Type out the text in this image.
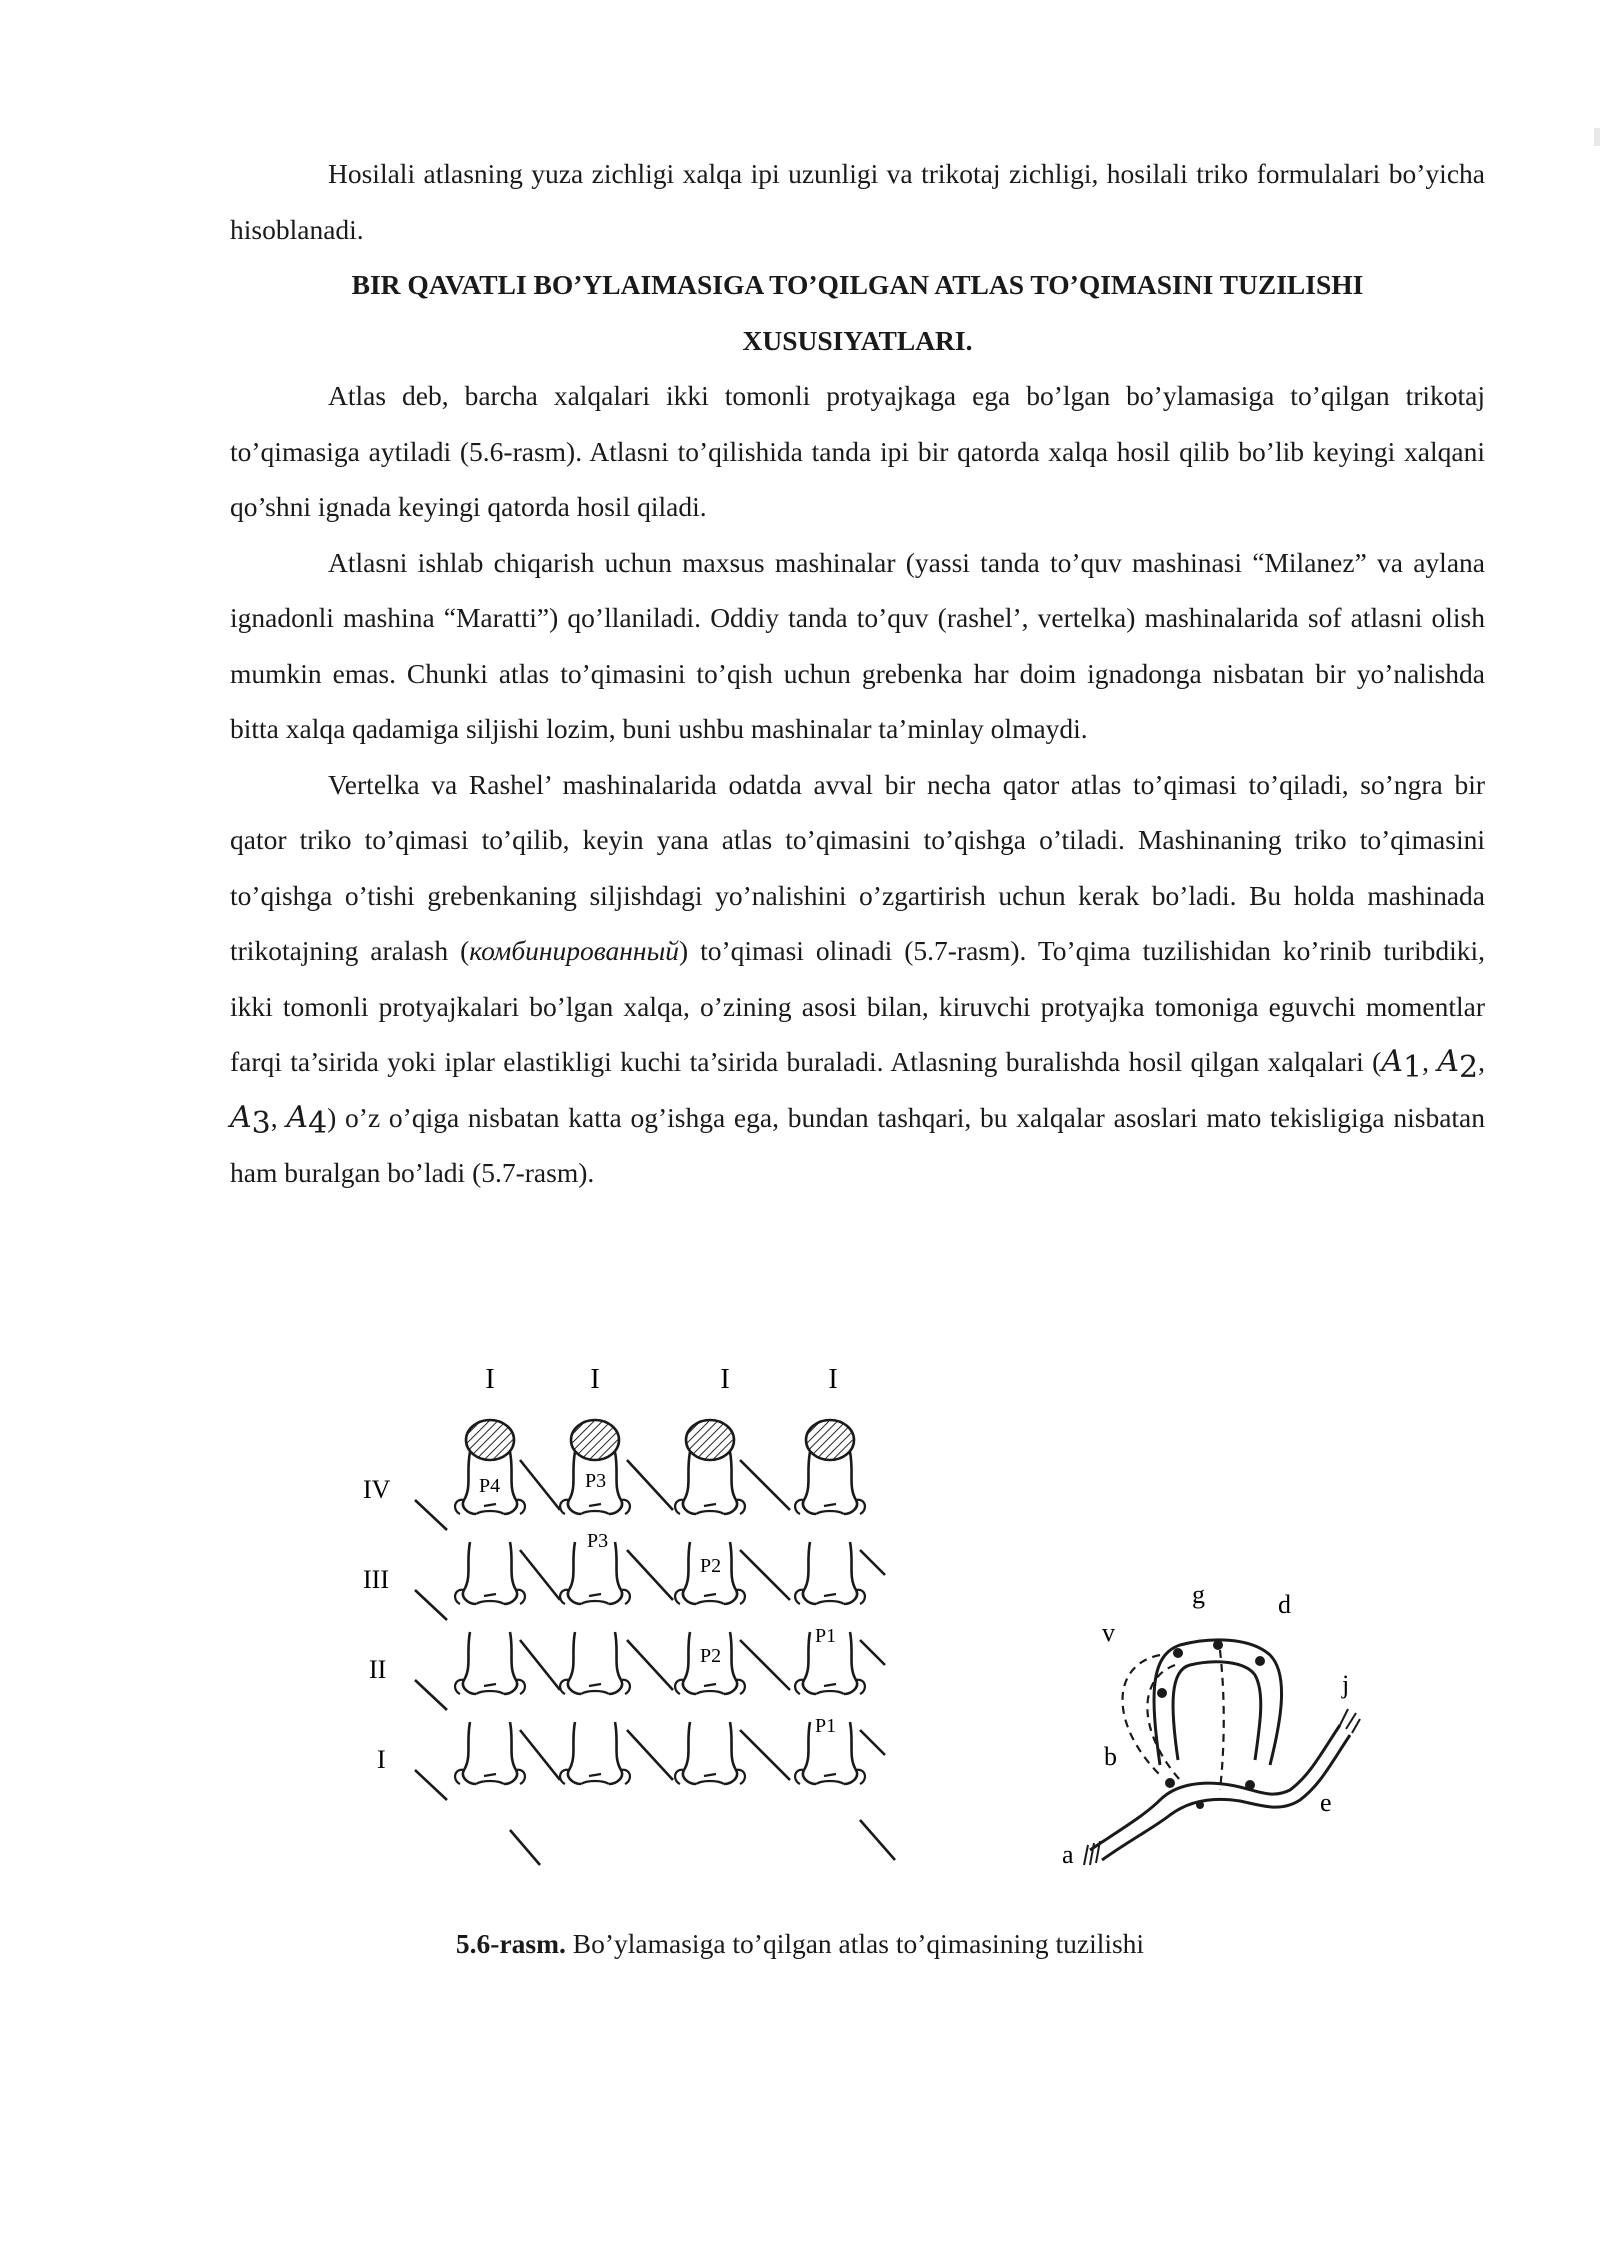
Hosilali atlasning yuza zichligi xalqa ipi uzunligi va trikotaj zichligi, hosilali triko formulalari bo’yicha hisoblanadi.

BIR QAVATLI BO’YLAIMASIGA TO’QILGAN ATLAS TO’QIMASINI TUZILISHI
XUSUSIYATLARI.

Atlas deb, barcha xalqalari ikki tomonli protyajkaga ega bo’lgan bo’ylamasiga to’qilgan trikotaj to’qimasiga aytiladi (5.6-rasm). Atlasni to’qilishida tanda ipi bir qatorda xalqa hosil qilib bo’lib keyingi xalqani qo’shni ignada keyingi qatorda hosil qiladi.

Atlasni ishlab chiqarish uchun maxsus mashinalar (yassi tanda to’quv mashinasi “Milanez” va aylana ignadonli mashina “Maratti”) qo’llaniladi. Oddiy tanda to’quv (rashel’, vertelka) mashinalarida sof atlasni olish mumkin emas. Chunki atlas to’qimasini to’qish uchun grebenka har doim ignadonga nisbatan bir yo’nalishda bitta xalqa qadamiga siljishi lozim, buni ushbu mashinalar ta’minlay olmaydi.

Vertelka va Rashel’ mashinalarida odatda avval bir necha qator atlas to’qimasi to’qiladi, so’ngra bir qator triko to’qimasi to’qilib, keyin yana atlas to’qimasini to’qishga o’tiladi. Mashinaning triko to’qimasini to’qishga o’tishi grebenkaning siljishdagi yo’nalishini o’zgartirish uchun kerak bo’ladi. Bu holda mashinada trikotajning aralash (комбинированный) to’qimasi olinadi (5.7-rasm). To’qima tuzilishidan ko’rinib turibdiki, ikki tomonli protyajkalari bo’lgan xalqa, o’zining asosi bilan, kiruvchi protyajka tomoniga eguvchi momentlar farqi ta’sirida yoki iplar elastikligi kuchi ta’sirida buraladi. Atlasning buralishda hosil qilgan xalqalari ($A_1$, $A_2$, $A_3$, $A_4$) o’z o’qiga nisbatan katta og’ishga ega, bundan tashqari, bu xalqalar asoslari mato tekisligiga nisbatan ham buralgan bo’ladi (5.7-rasm).

I	I	I	I
IV
III
II
I
P4	P3
P3
P2
P2
P1
P1
g	d
v
j
b
e
a
5.6-rasm. Bo’ylamasiga to’qilgan atlas to’qimasining tuzilishi
